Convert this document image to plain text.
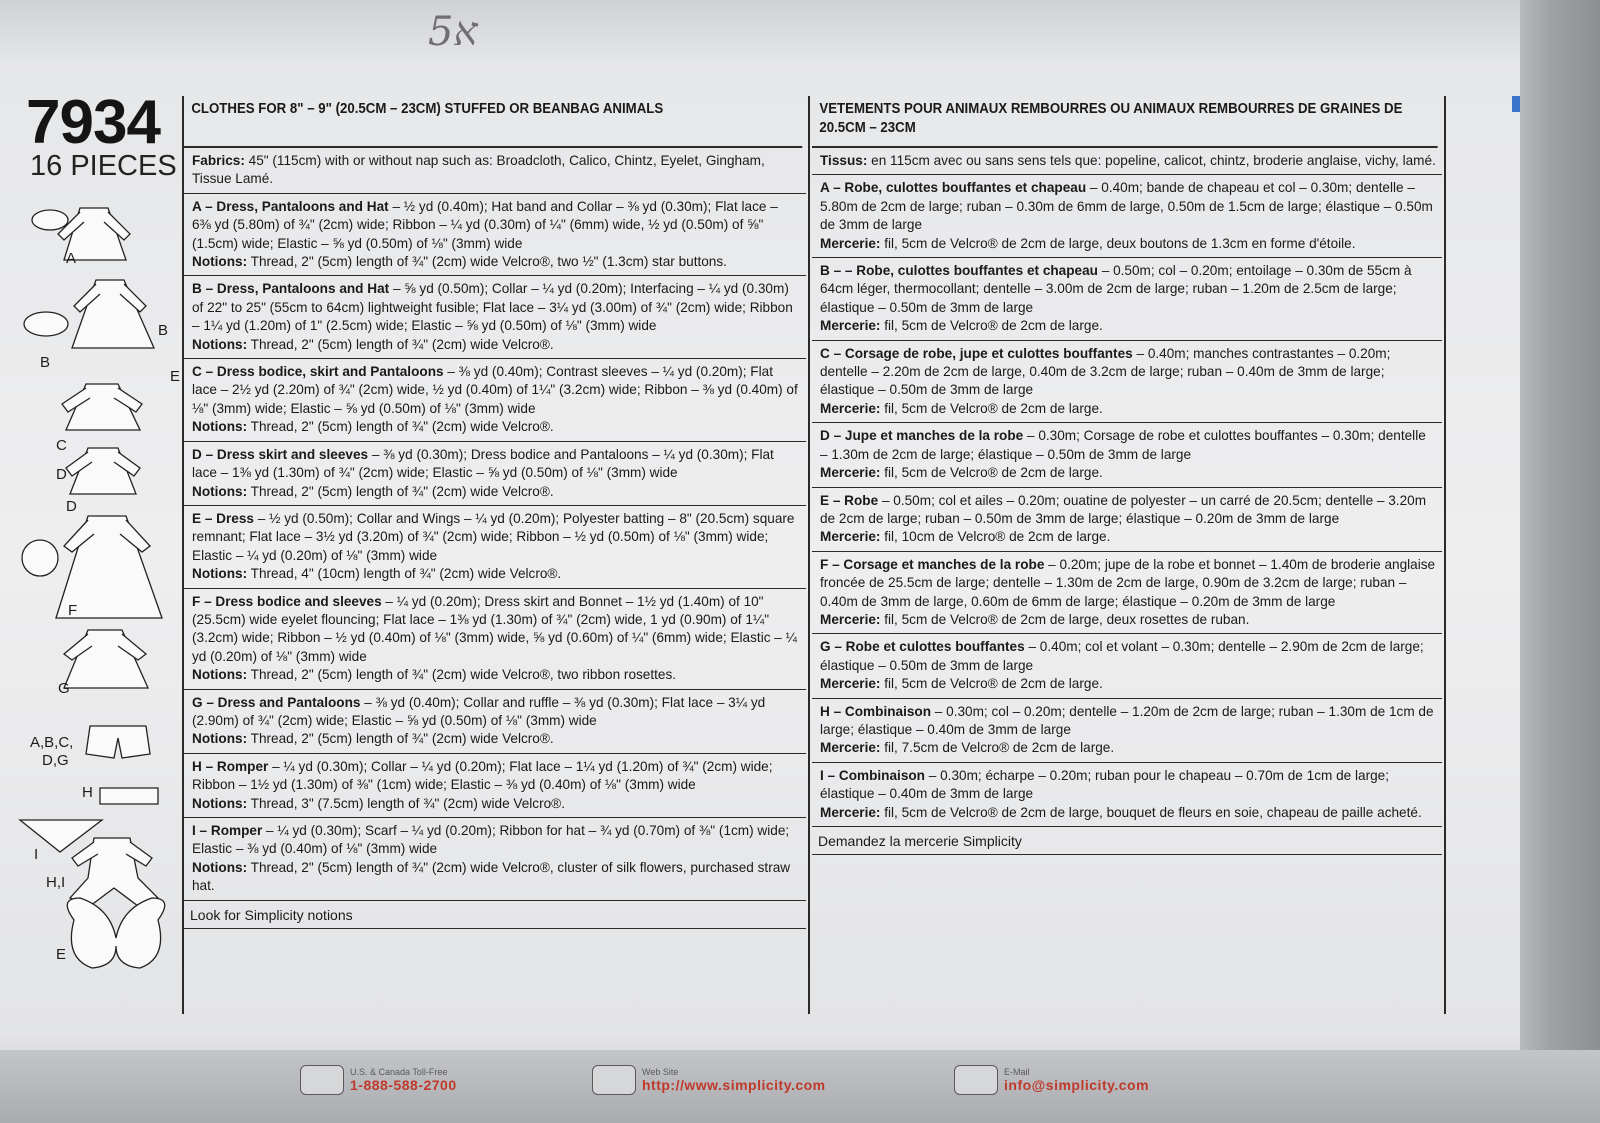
ﬡ5
7934
16 PIECES
A
B
B
E
C
D
D
F
G
A,B,C,
D,G
H
I
H,I
E
CLOTHES FOR 8" – 9" (20.5CM – 23CM) STUFFED OR BEANBAG ANIMALS
Fabrics: 45" (115cm) with or without nap such as: Broadcloth, Calico, Chintz, Eyelet, Gingham, Tissue Lamé.
A – Dress, Pantaloons and Hat – ½ yd (0.40m); Hat band and Collar – ⅜ yd (0.30m); Flat lace – 6⅜ yd (5.80m) of ¾" (2cm) wide; Ribbon – ¼ yd (0.30m) of ¼" (6mm) wide, ½ yd (0.50m) of ⅝" (1.5cm) wide; Elastic – ⅝ yd (0.50m) of ⅛" (3mm) wide
Notions: Thread, 2" (5cm) length of ¾" (2cm) wide Velcro®, two ½" (1.3cm) star buttons.
B – Dress, Pantaloons and Hat – ⅝ yd (0.50m); Collar – ¼ yd (0.20m); Interfacing – ¼ yd (0.30m) of 22" to 25" (55cm to 64cm) lightweight fusible; Flat lace – 3¼ yd (3.00m) of ¾" (2cm) wide; Ribbon – 1¼ yd (1.20m) of 1" (2.5cm) wide; Elastic – ⅝ yd (0.50m) of ⅛" (3mm) wide
Notions: Thread, 2" (5cm) length of ¾" (2cm) wide Velcro®.
C – Dress bodice, skirt and Pantaloons – ⅜ yd (0.40m); Contrast sleeves – ¼ yd (0.20m); Flat lace – 2½ yd (2.20m) of ¾" (2cm) wide, ½ yd (0.40m) of 1¼" (3.2cm) wide; Ribbon – ⅜ yd (0.40m) of ⅛" (3mm) wide; Elastic – ⅝ yd (0.50m) of ⅛" (3mm) wide
Notions: Thread, 2" (5cm) length of ¾" (2cm) wide Velcro®.
D – Dress skirt and sleeves – ⅜ yd (0.30m); Dress bodice and Pantaloons – ¼ yd (0.30m); Flat lace – 1⅜ yd (1.30m) of ¾" (2cm) wide; Elastic – ⅝ yd (0.50m) of ⅛" (3mm) wide
Notions: Thread, 2" (5cm) length of ¾" (2cm) wide Velcro®.
E – Dress – ½ yd (0.50m); Collar and Wings – ¼ yd (0.20m); Polyester batting – 8" (20.5cm) square remnant; Flat lace – 3½ yd (3.20m) of ¾" (2cm) wide; Ribbon – ½ yd (0.50m) of ⅛" (3mm) wide; Elastic – ¼ yd (0.20m) of ⅛" (3mm) wide
Notions: Thread, 4" (10cm) length of ¾" (2cm) wide Velcro®.
F – Dress bodice and sleeves – ¼ yd (0.20m); Dress skirt and Bonnet – 1½ yd (1.40m) of 10" (25.5cm) wide eyelet flouncing; Flat lace – 1⅜ yd (1.30m) of ¾" (2cm) wide, 1 yd (0.90m) of 1¼" (3.2cm) wide; Ribbon – ½ yd (0.40m) of ⅛" (3mm) wide, ⅝ yd (0.60m) of ¼" (6mm) wide; Elastic – ¼ yd (0.20m) of ⅛" (3mm) wide
Notions: Thread, 2" (5cm) length of ¾" (2cm) wide Velcro®, two ribbon rosettes.
G – Dress and Pantaloons – ⅜ yd (0.40m); Collar and ruffle – ⅜ yd (0.30m); Flat lace – 3¼ yd (2.90m) of ¾" (2cm) wide; Elastic – ⅝ yd (0.50m) of ⅛" (3mm) wide
Notions: Thread, 2" (5cm) length of ¾" (2cm) wide Velcro®.
H – Romper – ¼ yd (0.30m); Collar – ¼ yd (0.20m); Flat lace – 1¼ yd (1.20m) of ¾" (2cm) wide; Ribbon – 1½ yd (1.30m) of ⅜" (1cm) wide; Elastic – ⅜ yd (0.40m) of ⅛" (3mm) wide
Notions: Thread, 3" (7.5cm) length of ¾" (2cm) wide Velcro®.
I – Romper – ¼ yd (0.30m); Scarf – ¼ yd (0.20m); Ribbon for hat – ¾ yd (0.70m) of ⅜" (1cm) wide; Elastic – ⅜ yd (0.40m) of ⅛" (3mm) wide
Notions: Thread, 2" (5cm) length of ¾" (2cm) wide Velcro®, cluster of silk flowers, purchased straw hat.
Look for Simplicity notions
VETEMENTS POUR ANIMAUX REMBOURRES OU ANIMAUX REMBOURRES DE GRAINES DE 20.5CM – 23CM
Tissus: en 115cm avec ou sans sens tels que: popeline, calicot, chintz, broderie anglaise, vichy, lamé.
A – Robe, culottes bouffantes et chapeau – 0.40m; bande de chapeau et col – 0.30m; dentelle – 5.80m de 2cm de large; ruban – 0.30m de 6mm de large, 0.50m de 1.5cm de large; élastique – 0.50m de 3mm de large
Mercerie: fil, 5cm de Velcro® de 2cm de large, deux boutons de 1.3cm en forme d'étoile.
B – – Robe, culottes bouffantes et chapeau – 0.50m; col – 0.20m; entoilage – 0.30m de 55cm à 64cm léger, thermocollant; dentelle – 3.00m de 2cm de large; ruban – 1.20m de 2.5cm de large; élastique – 0.50m de 3mm de large
Mercerie: fil, 5cm de Velcro® de 2cm de large.
C – Corsage de robe, jupe et culottes bouffantes – 0.40m; manches contrastantes – 0.20m; dentelle – 2.20m de 2cm de large, 0.40m de 3.2cm de large; ruban – 0.40m de 3mm de large; élastique – 0.50m de 3mm de large
Mercerie: fil, 5cm de Velcro® de 2cm de large.
D – Jupe et manches de la robe – 0.30m; Corsage de robe et culottes bouffantes – 0.30m; dentelle – 1.30m de 2cm de large; élastique – 0.50m de 3mm de large
Mercerie: fil, 5cm de Velcro® de 2cm de large.
E – Robe – 0.50m; col et ailes – 0.20m; ouatine de polyester – un carré de 20.5cm; dentelle – 3.20m de 2cm de large; ruban – 0.50m de 3mm de large; élastique – 0.20m de 3mm de large
Mercerie: fil, 10cm de Velcro® de 2cm de large.
F – Corsage et manches de la robe – 0.20m; jupe de la robe et bonnet – 1.40m de broderie anglaise froncée de 25.5cm de large; dentelle – 1.30m de 2cm de large, 0.90m de 3.2cm de large; ruban – 0.40m de 3mm de large, 0.60m de 6mm de large; élastique – 0.20m de 3mm de large
Mercerie: fil, 5cm de Velcro® de 2cm de large, deux rosettes de ruban.
G – Robe et culottes bouffantes – 0.40m; col et volant – 0.30m; dentelle – 2.90m de 2cm de large; élastique – 0.50m de 3mm de large
Mercerie: fil, 5cm de Velcro® de 2cm de large.
H – Combinaison – 0.30m; col – 0.20m; dentelle – 1.20m de 2cm de large; ruban – 1.30m de 1cm de large; élastique – 0.40m de 3mm de large
Mercerie: fil, 7.5cm de Velcro® de 2cm de large.
I – Combinaison – 0.30m; écharpe – 0.20m; ruban pour le chapeau – 0.70m de 1cm de large; élastique – 0.40m de 3mm de large
Mercerie: fil, 5cm de Velcro® de 2cm de large, bouquet de fleurs en soie, chapeau de paille acheté.
Demandez la mercerie Simplicity
U.S. & Canada Toll-Free
1-888-588-2700
Web Site
http://www.simplicity.com
E-Mail
info@simplicity.com
